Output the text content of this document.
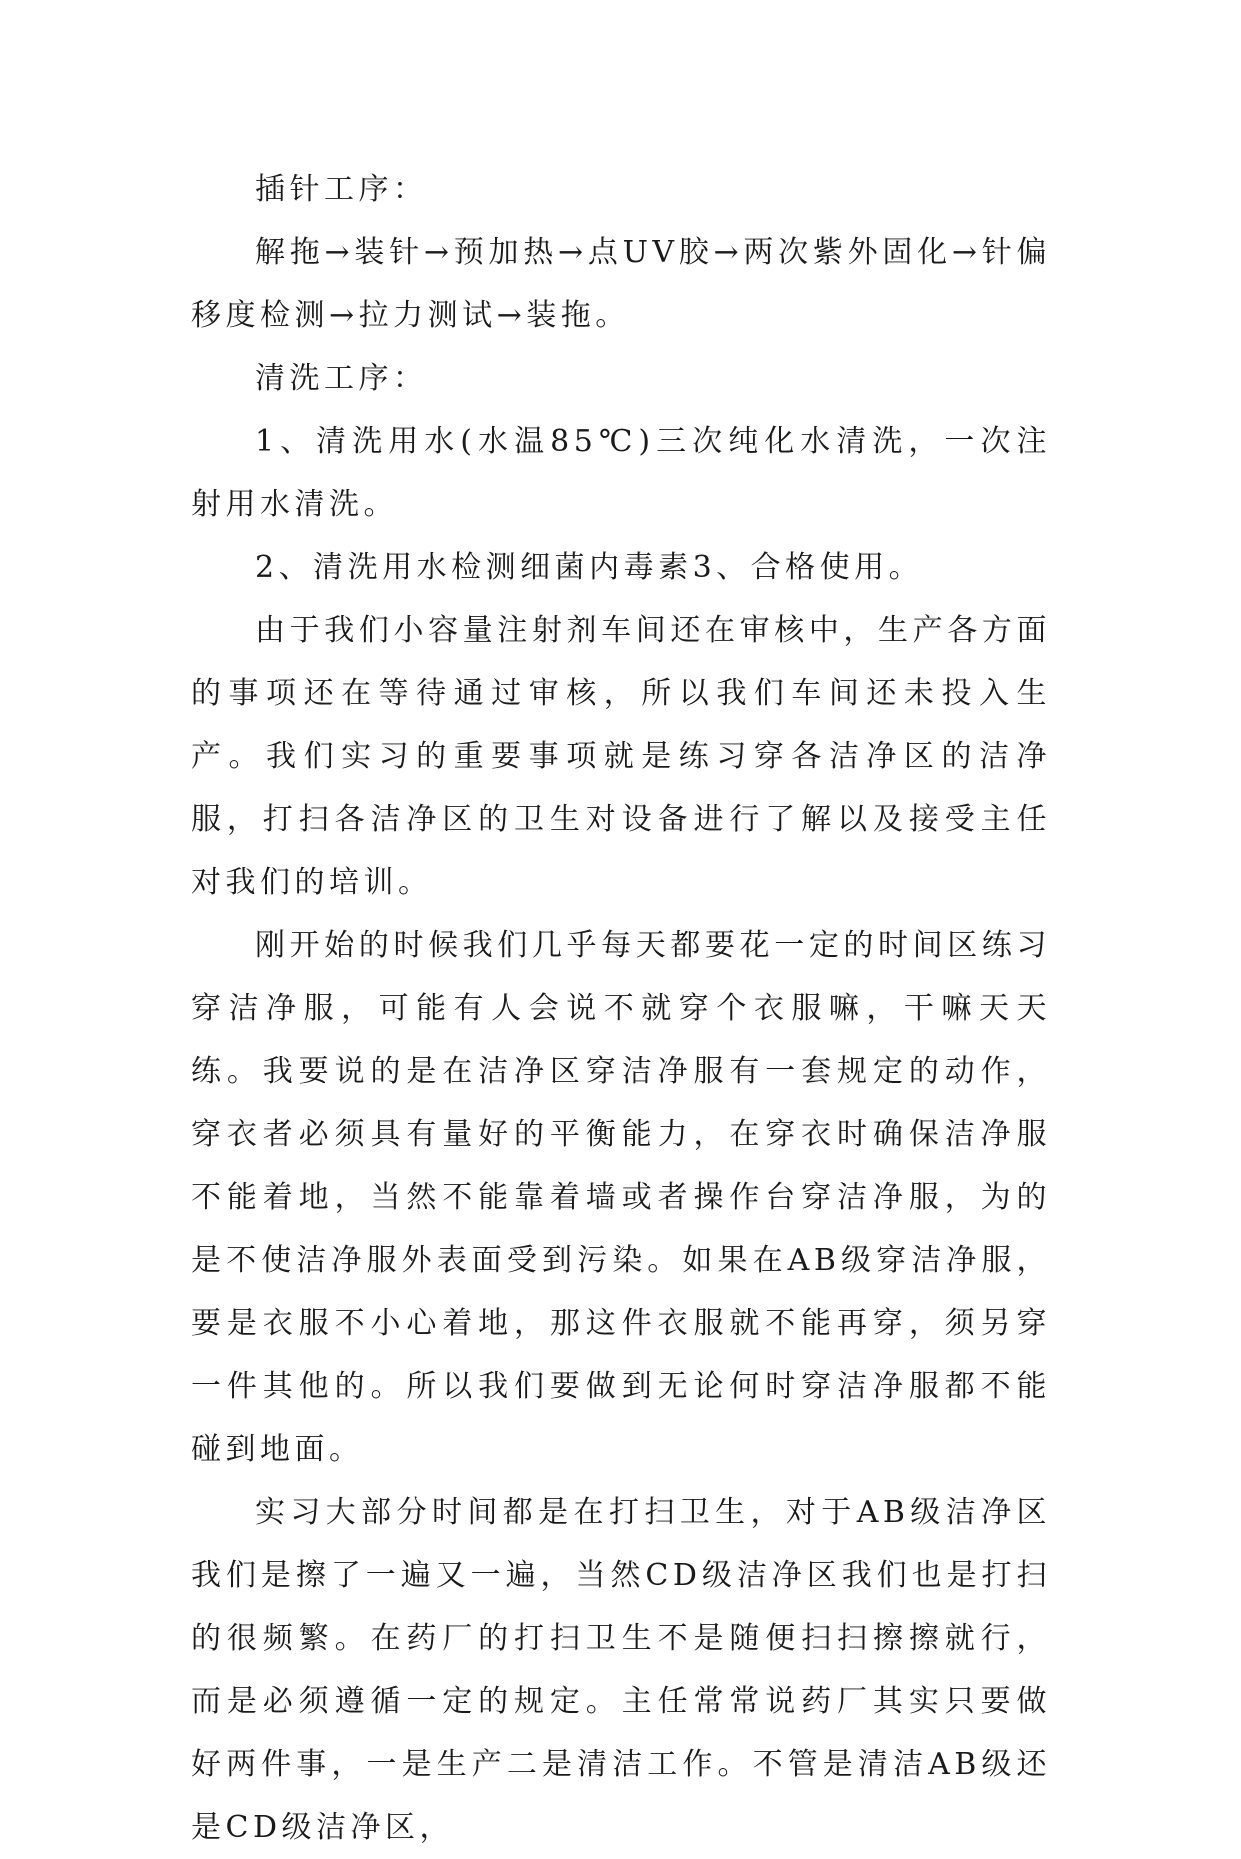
插针工序：

解拖→装针→预加热→点UV胶→两次紫外固化→针偏移度检测→拉力测试→装拖。

清洗工序：

1、清洗用水(水温85℃)三次纯化水清洗，一次注射用水清洗。

2、清洗用水检测细菌内毒素3、合格使用。

由于我们小容量注射剂车间还在审核中，生产各方面的事项还在等待通过审核，所以我们车间还未投入生产。我们实习的重要事项就是练习穿各洁净区的洁净服，打扫各洁净区的卫生对设备进行了解以及接受主任对我们的培训。

刚开始的时候我们几乎每天都要花一定的时间区练习穿洁净服，可能有人会说不就穿个衣服嘛，干嘛天天练。我要说的是在洁净区穿洁净服有一套规定的动作，穿衣者必须具有量好的平衡能力，在穿衣时确保洁净服不能着地，当然不能靠着墙或者操作台穿洁净服，为的是不使洁净服外表面受到污染。如果在AB级穿洁净服，要是衣服不小心着地，那这件衣服就不能再穿，须另穿一件其他的。所以我们要做到无论何时穿洁净服都不能碰到地面。

实习大部分时间都是在打扫卫生，对于AB级洁净区我们是擦了一遍又一遍，当然CD级洁净区我们也是打扫的很频繁。在药厂的打扫卫生不是随便扫扫擦擦就行，而是必须遵循一定的规定。主任常常说药厂其实只要做好两件事，一是生产二是清洁工作。不管是清洁AB级还是CD级洁净区，
